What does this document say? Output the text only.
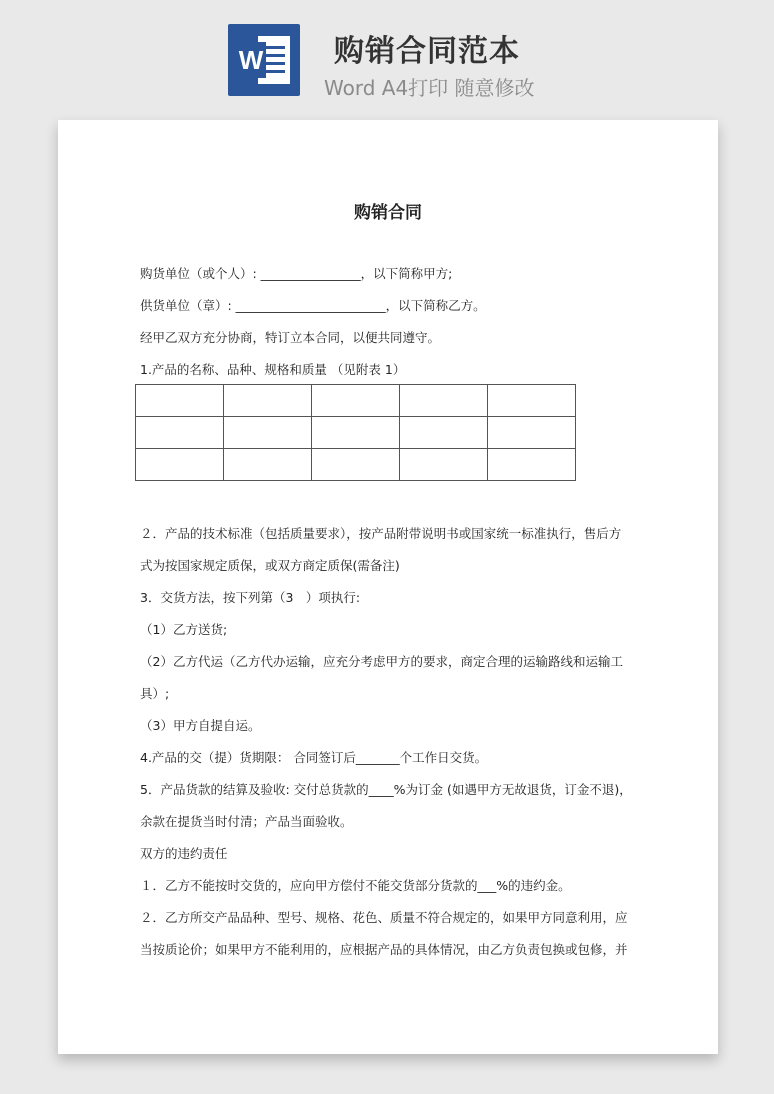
W 购销合同范本
Word A4打印 随意修改
购销合同
购货单位（或个人）: ________________，以下简称甲方;
供货单位（章）: ________________________，以下简称乙方。
经甲乙双方充分协商，特订立本合同，以便共同遵守。
1.产品的名称、品种、规格和质量 （见附表 1）

２．产品的技术标准（包括质量要求），按产品附带说明书或国家统一标准执行，售后方
式为按国家规定质保，或双方商定质保(需备注)
3．交货方法，按下列第（3　）项执行:
（1）乙方送货;
（2）乙方代运（乙方代办运输，应充分考虑甲方的要求，商定合理的运输路线和运输工
具）;
（3）甲方自提自运。
4.产品的交（提）货期限： 合同签订后_______个工作日交货。
5．产品货款的结算及验收: 交付总货款的____%为订金 (如遇甲方无故退货，订金不退)，
余款在提货当时付清；产品当面验收。
双方的违约责任
１．乙方不能按时交货的，应向甲方偿付不能交货部分货款的___%的违约金。
２．乙方所交产品品种、型号、规格、花色、质量不符合规定的，如果甲方同意利用，应
当按质论价；如果甲方不能利用的，应根据产品的具体情况，由乙方负责包换或包修，并
